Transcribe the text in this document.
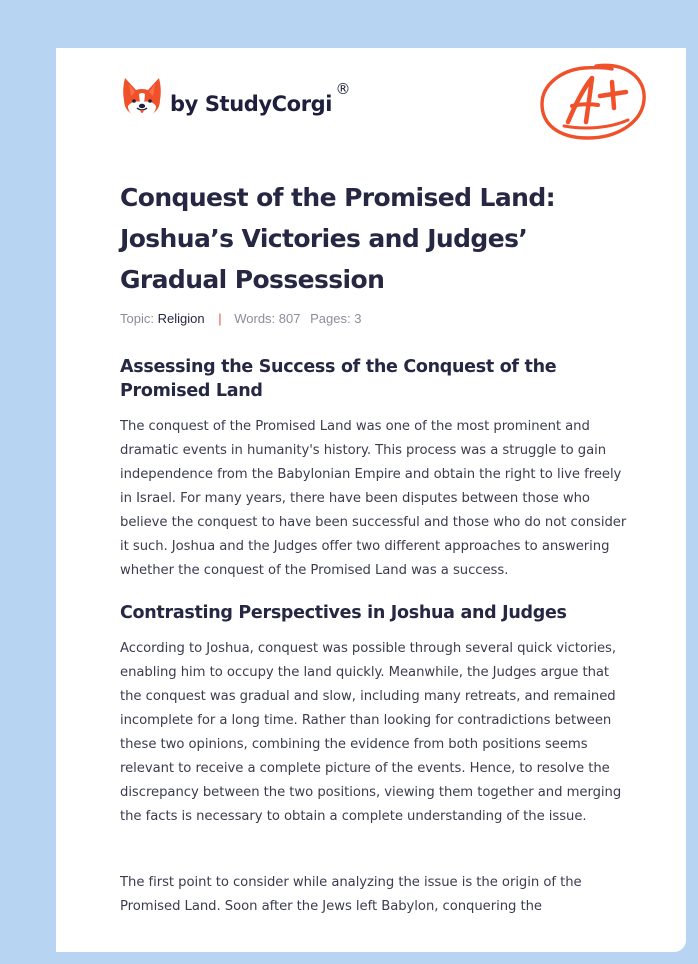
by StudyCorgi
®
Conquest of the Promised Land: Joshua’s Victories and Judges’ Gradual Possession
Topic: Religion | Words: 807 Pages: 3
Assessing the Success of the Conquest of the Promised Land

The conquest of the Promised Land was one of the most prominent and dramatic events in humanity's history. This process was a struggle to gain independence from the Babylonian Empire and obtain the right to live freely in Israel. For many years, there have been disputes between those who believe the conquest to have been successful and those who do not consider it such. Joshua and the Judges offer two different approaches to answering whether the conquest of the Promised Land was a success.

Contrasting Perspectives in Joshua and Judges

According to Joshua, conquest was possible through several quick victories, enabling him to occupy the land quickly. Meanwhile, the Judges argue that the conquest was gradual and slow, including many retreats, and remained incomplete for a long time. Rather than looking for contradictions between these two opinions, combining the evidence from both positions seems relevant to receive a complete picture of the events. Hence, to resolve the discrepancy between the two positions, viewing them together and merging the facts is necessary to obtain a complete understanding of the issue.

The first point to consider while analyzing the issue is the origin of the Promised Land. Soon after the Jews left Babylon, conquering the
